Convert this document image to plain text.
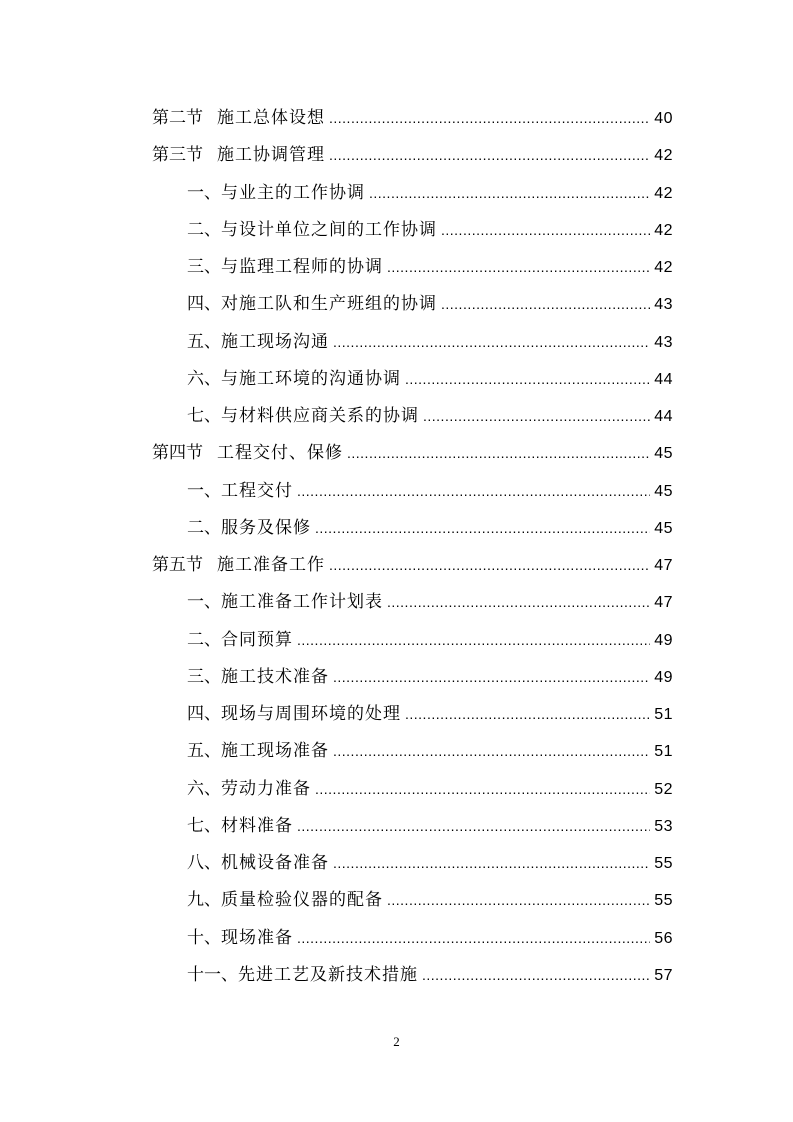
第二节 施工总体设想 .....	40
第三节 施工协调管理 .....	42
一、 与业主的工作协调 .....	42
二、 与设计单位之间的工作协调 .....	42
三、 与监理工程师的协调 .....	42
四、 对施工队和生产班组的协调 .....	43
五、 施工现场沟通 .....	43
六、 与施工环境的沟通协调 .....	44
七、 与材料供应商关系的协调 .....	44
第四节 工程交付、保修 .....	45
一、 工程交付 .....	45
二、 服务及保修 .....	45
第五节 施工准备工作 .....	47
一、 施工准备工作计划表 .....	47
二、 合同预算 .....	49
三、 施工技术准备 .....	49
四、 现场与周围环境的处理 .....	51
五、 施工现场准备 .....	51
六、 劳动力准备 .....	52
七、 材料准备 .....	53
八、 机械设备准备 .....	55
九、 质量检验仪器的配备 .....	55
十、 现场准备 .....	56
十一、 先进工艺及新技术措施 .....	57
2
